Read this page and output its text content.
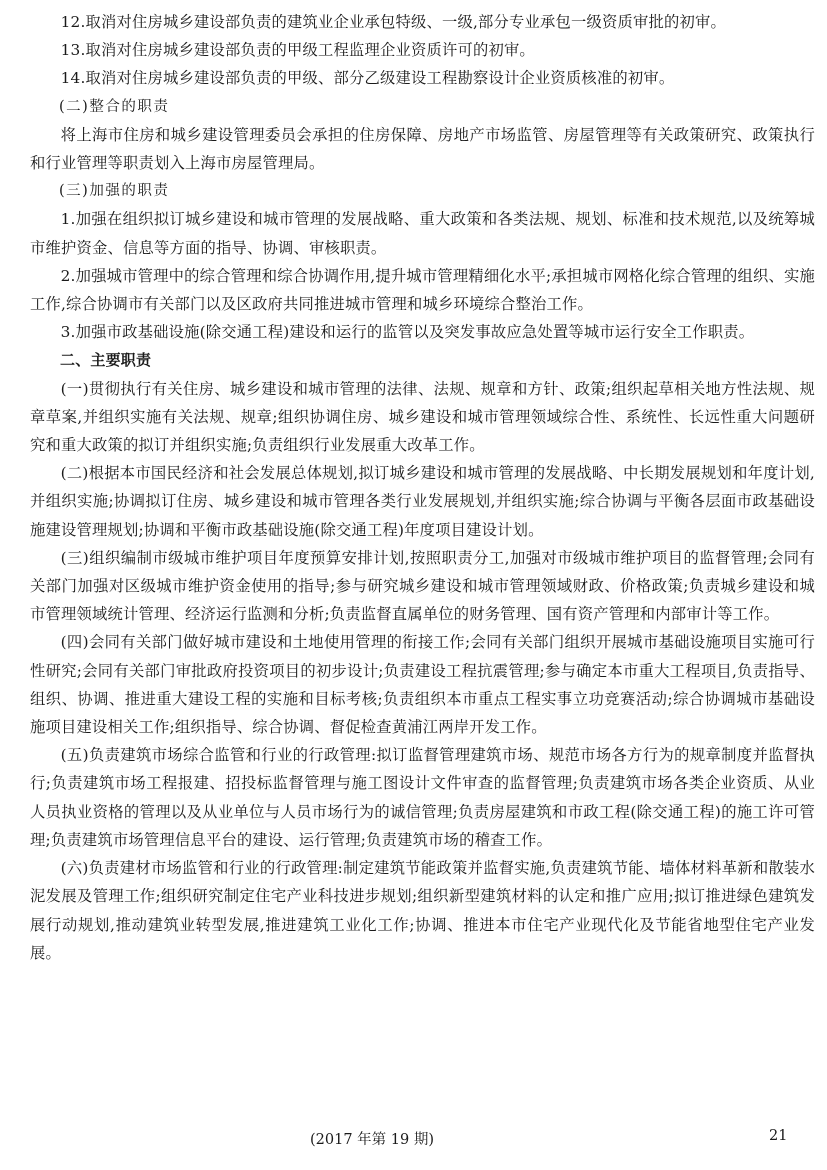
12.取消对住房城乡建设部负责的建筑业企业承包特级、一级,部分专业承包一级资质审批的初审。

13.取消对住房城乡建设部负责的甲级工程监理企业资质许可的初审。

14.取消对住房城乡建设部负责的甲级、部分乙级建设工程勘察设计企业资质核准的初审。

(二)整合的职责

将上海市住房和城乡建设管理委员会承担的住房保障、房地产市场监管、房屋管理等有关政策研究、政策执行和行业管理等职责划入上海市房屋管理局。

(三)加强的职责

1.加强在组织拟订城乡建设和城市管理的发展战略、重大政策和各类法规、规划、标准和技术规范,以及统筹城市维护资金、信息等方面的指导、协调、审核职责。

2.加强城市管理中的综合管理和综合协调作用,提升城市管理精细化水平;承担城市网格化综合管理的组织、实施工作,综合协调市有关部门以及区政府共同推进城市管理和城乡环境综合整治工作。

3.加强市政基础设施(除交通工程)建设和运行的监管以及突发事故应急处置等城市运行安全工作职责。

二、主要职责

(一)贯彻执行有关住房、城乡建设和城市管理的法律、法规、规章和方针、政策;组织起草相关地方性法规、规章草案,并组织实施有关法规、规章;组织协调住房、城乡建设和城市管理领域综合性、系统性、长远性重大问题研究和重大政策的拟订并组织实施;负责组织行业发展重大改革工作。

(二)根据本市国民经济和社会发展总体规划,拟订城乡建设和城市管理的发展战略、中长期发展规划和年度计划,并组织实施;协调拟订住房、城乡建设和城市管理各类行业发展规划,并组织实施;综合协调与平衡各层面市政基础设施建设管理规划;协调和平衡市政基础设施(除交通工程)年度项目建设计划。

(三)组织编制市级城市维护项目年度预算安排计划,按照职责分工,加强对市级城市维护项目的监督管理;会同有关部门加强对区级城市维护资金使用的指导;参与研究城乡建设和城市管理领域财政、价格政策;负责城乡建设和城市管理领域统计管理、经济运行监测和分析;负责监督直属单位的财务管理、国有资产管理和内部审计等工作。

(四)会同有关部门做好城市建设和土地使用管理的衔接工作;会同有关部门组织开展城市基础设施项目实施可行性研究;会同有关部门审批政府投资项目的初步设计;负责建设工程抗震管理;参与确定本市重大工程项目,负责指导、组织、协调、推进重大建设工程的实施和目标考核;负责组织本市重点工程实事立功竞赛活动;综合协调城市基础设施项目建设相关工作;组织指导、综合协调、督促检查黄浦江两岸开发工作。

(五)负责建筑市场综合监管和行业的行政管理:拟订监督管理建筑市场、规范市场各方行为的规章制度并监督执行;负责建筑市场工程报建、招投标监督管理与施工图设计文件审查的监督管理;负责建筑市场各类企业资质、从业人员执业资格的管理以及从业单位与人员市场行为的诚信管理;负责房屋建筑和市政工程(除交通工程)的施工许可管理;负责建筑市场管理信息平台的建设、运行管理;负责建筑市场的稽查工作。

(六)负责建材市场监管和行业的行政管理:制定建筑节能政策并监督实施,负责建筑节能、墙体材料革新和散装水泥发展及管理工作;组织研究制定住宅产业科技进步规划;组织新型建筑材料的认定和推广应用;拟订推进绿色建筑发展行动规划,推动建筑业转型发展,推进建筑工业化工作;协调、推进本市住宅产业现代化及节能省地型住宅产业发展。

(2017 年第 19 期)	21
